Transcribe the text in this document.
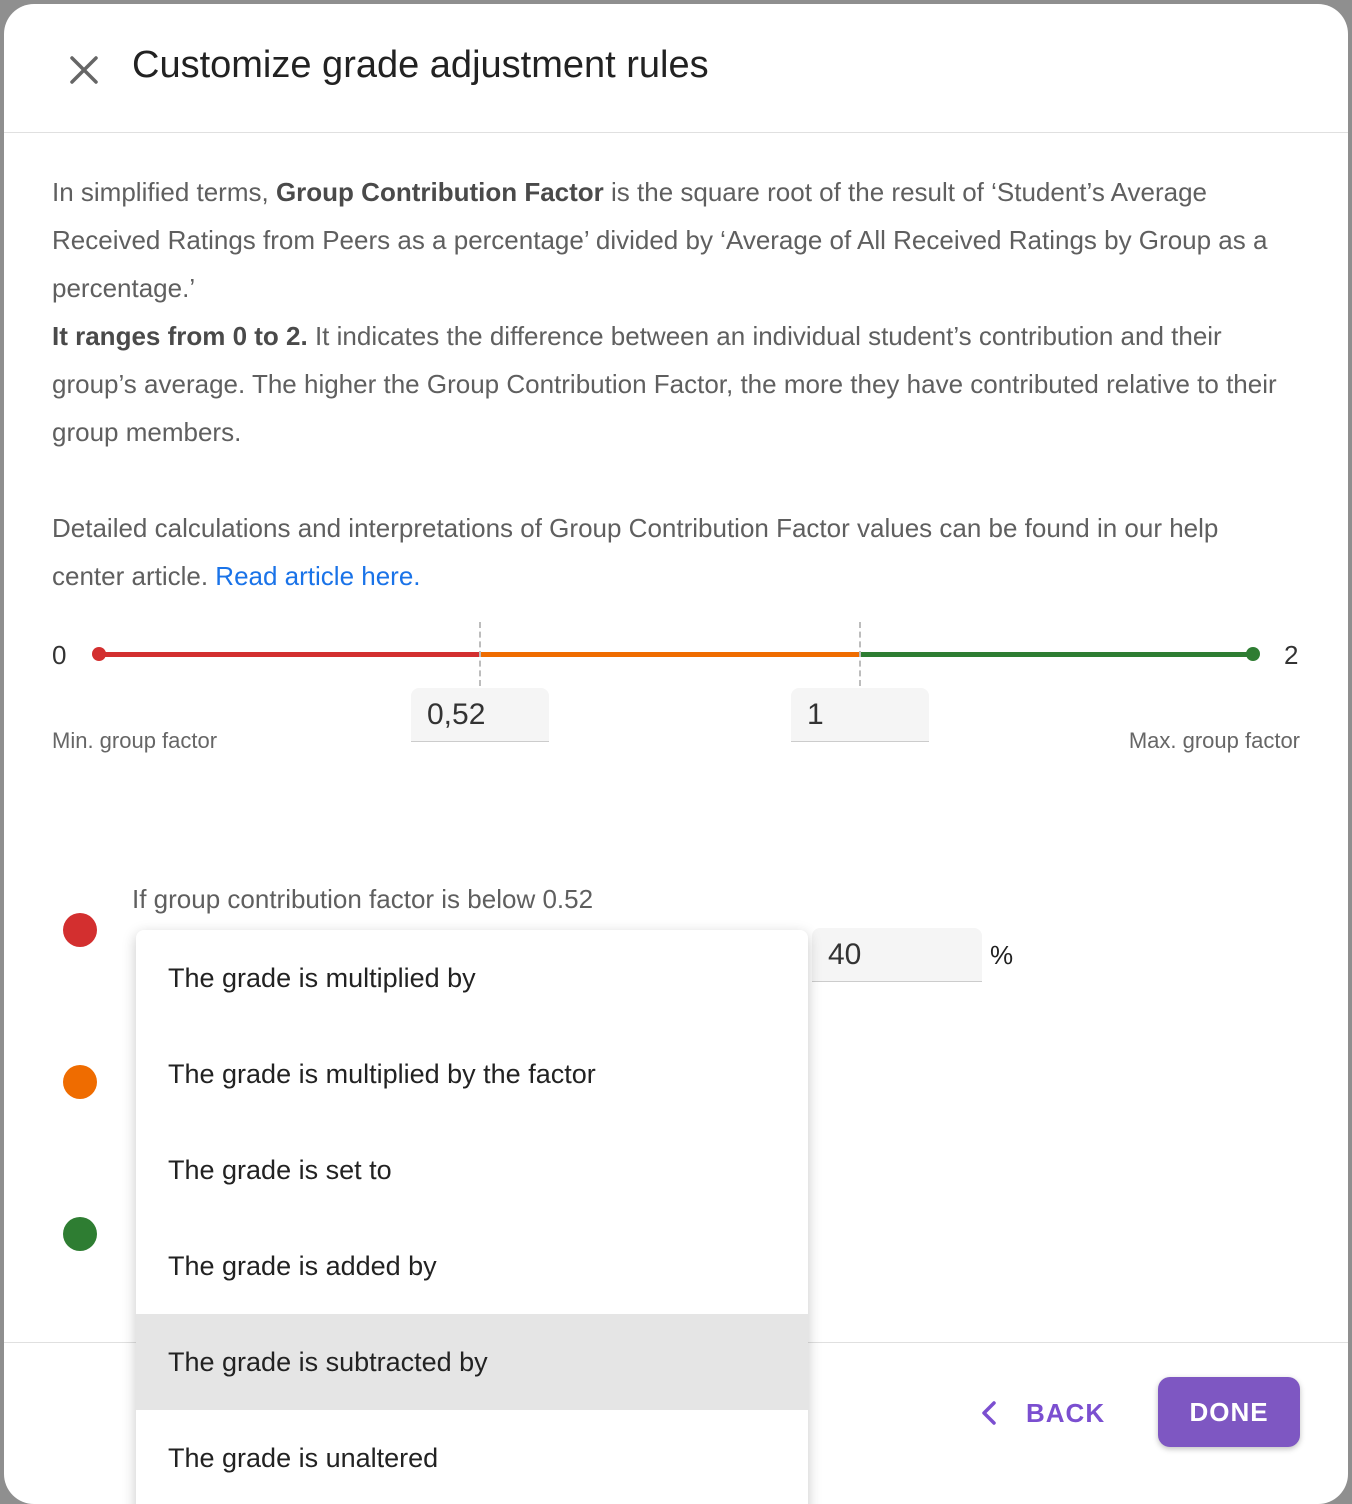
Customize grade adjustment rules

In simplified terms, Group Contribution Factor is the square root of the result of ‘Student’s Average Received Ratings from Peers as a percentage’ divided by ‘Average of All Received Ratings by Group as a percentage.’
It ranges from 0 to 2. It indicates the difference between an individual student’s contribution and their group’s average. The higher the Group Contribution Factor, the more they have contributed relative to their group members.

Detailed calculations and interpretations of Group Contribution Factor values can be found in our help center article. Read article here.

0	2
0,52	1
Min. group factor	Max. group factor
If group contribution factor is below 0.52
40	%
BACK	DONE
The grade is multiplied by
The grade is multiplied by the factor
The grade is set to
The grade is added by
The grade is subtracted by
The grade is unaltered
